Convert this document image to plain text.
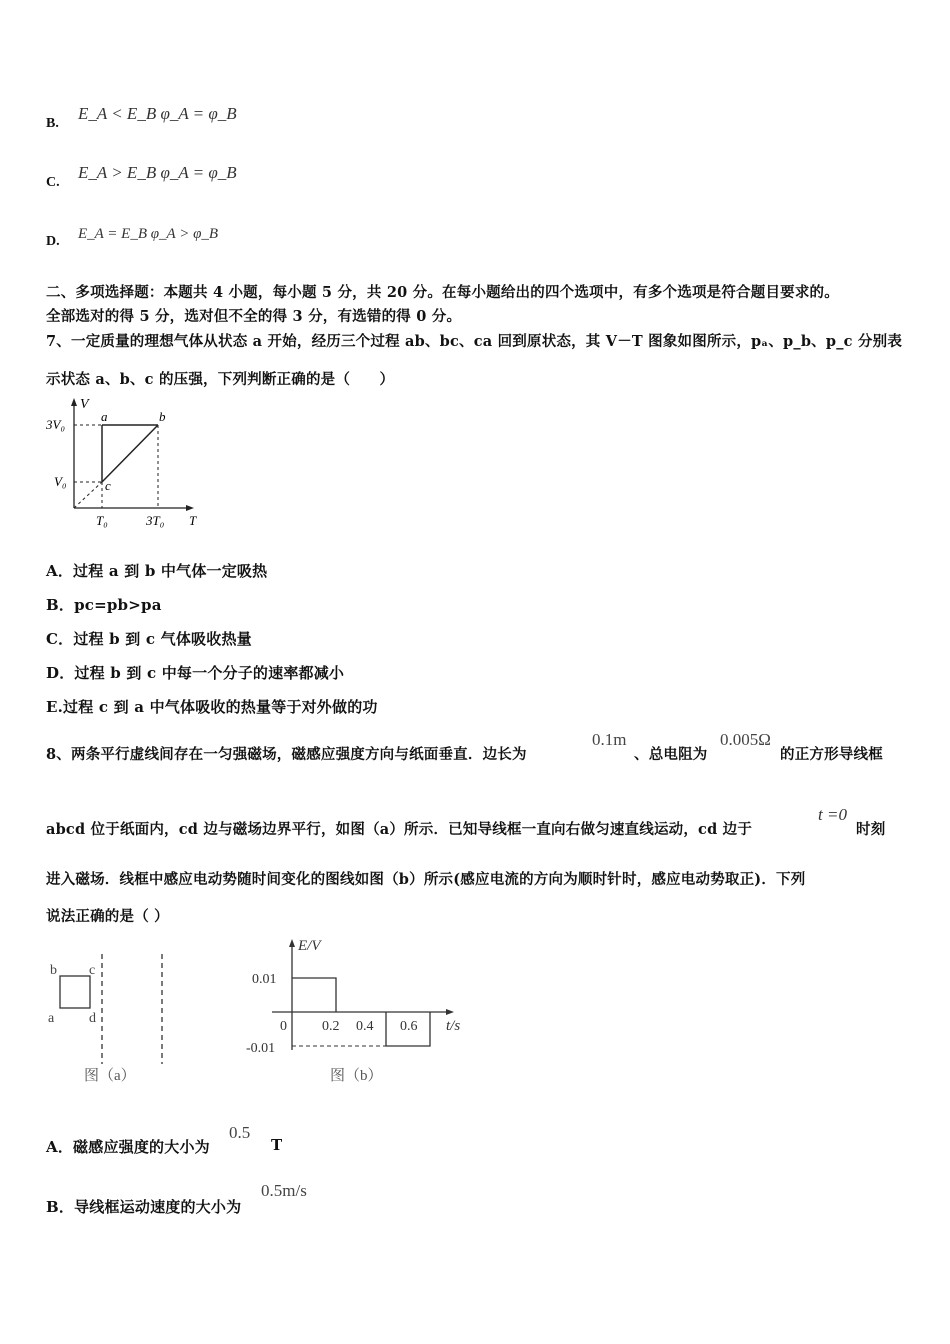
B.
E_A < E_B φ_A = φ_B
C.
E_A > E_B φ_A = φ_B
D. E_A = E_B φ_A > φ_B
二、多项选择题：本题共 4 小题，每小题 5 分，共 20 分。在每小题给出的四个选项中，有多个选项是符合题目要求的。
全部选对的得 5 分，选对但不全的得 3 分，有选错的得 0 分。
7、一定质量的理想气体从状态 a 开始，经历三个过程 ab、bc、ca 回到原状态，其 V－T 图象如图所示，pₐ、p_b、p_c 分别表
示状态 a、b、c 的压强，下列判断正确的是（　　）
V
3V₀
V₀
T₀	3T₀
a	b
c
T
A．过程 a 到 b 中气体一定吸热
B．pc=pb>pa
C．过程 b 到 c 气体吸收热量
D．过程 b 到 c 中每一个分子的速率都减小
E.过程 c 到 a 中气体吸收的热量等于对外做的功
8、两条平行虚线间存在一匀强磁场，磁感应强度方向与纸面垂直．边长为
0.1m
、总电阻为
0.005Ω
的正方形导线框
abcd 位于纸面内，cd 边与磁场边界平行，如图（a）所示．已知导线框一直向右做匀速直线运动，cd 边于
t =0
时刻
进入磁场．线框中感应电动势随时间变化的图线如图（b）所示(感应电流的方向为顺时针时，感应电动势取正)．下列
说法正确的是（ ）
b c
a d
图（a）
E/V
0.01
-0.01
0	0.2 0.4 0.6 t/s
图（b）
A．磁感应强度的大小为
0.5
T
B．导线框运动速度的大小为
0.5m/s
